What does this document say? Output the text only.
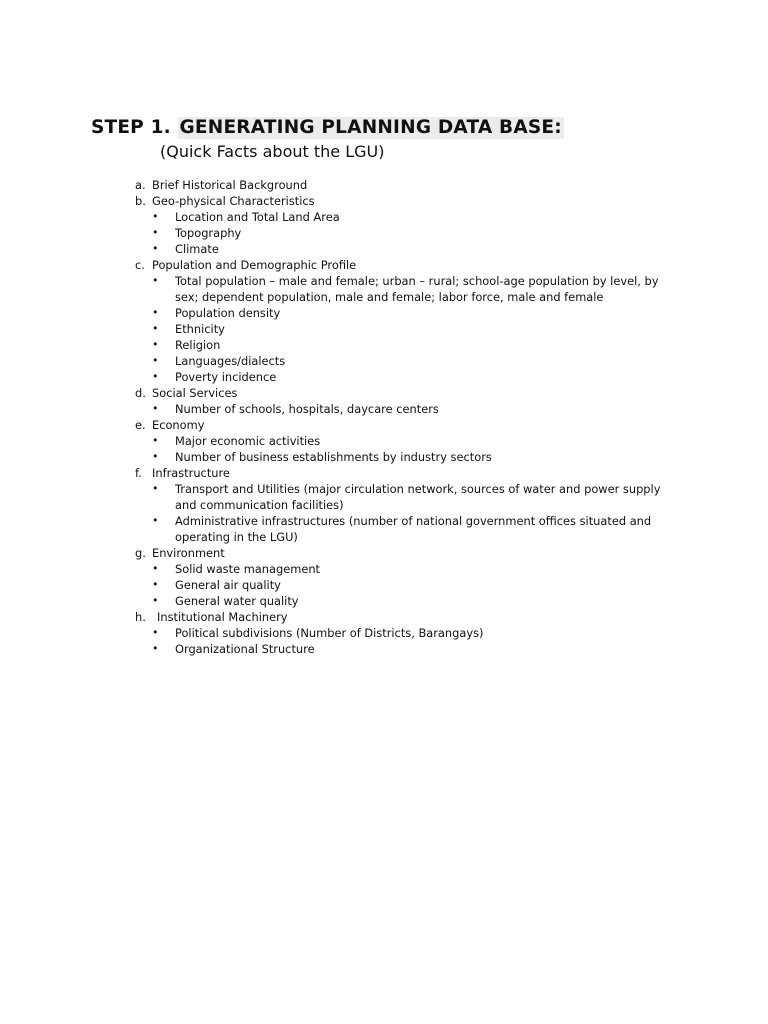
STEP 1. GENERATING PLANNING DATA BASE:
(Quick Facts about the LGU)
a. Brief Historical Background
b. Geo-physical Characteristics
• Location and Total Land Area
• Topography
• Climate
c. Population and Demographic Profile
• Total population – male and female; urban – rural; school-age population by level, by sex; dependent population, male and female; labor force, male and female
• Population density
• Ethnicity
• Religion
• Languages/dialects
• Poverty incidence
d. Social Services
• Number of schools, hospitals, daycare centers
e. Economy
• Major economic activities
• Number of business establishments by industry sectors
f. Infrastructure
• Transport and Utilities (major circulation network, sources of water and power supply and communication facilities)
• Administrative infrastructures (number of national government offices situated and operating in the LGU)
g. Environment
• Solid waste management
• General air quality
• General water quality
h. Institutional Machinery
• Political subdivisions (Number of Districts, Barangays)
• Organizational Structure
